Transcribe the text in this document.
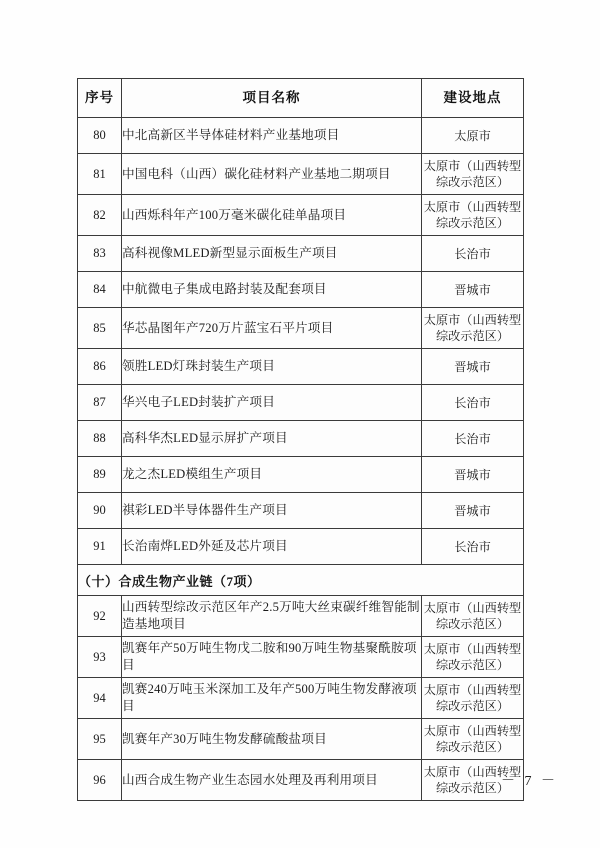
序号	项目名称	建设地点
80	中北高新区半导体硅材料产业基地项目	太原市
81	中国电科（山西）碳化硅材料产业基地二期项目	太原市（山西转型综改示范区）
82	山西烁科年产100万毫米碳化硅单晶项目	太原市（山西转型综改示范区）
83	高科视像MLED新型显示面板生产项目	长治市
84	中航微电子集成电路封装及配套项目	晋城市
85	华芯晶图年产720万片蓝宝石平片项目	太原市（山西转型综改示范区）
86	领胜LED灯珠封装生产项目	晋城市
87	华兴电子LED封装扩产项目	长治市
88	高科华杰LED显示屏扩产项目	长治市
89	龙之杰LED模组生产项目	晋城市
90	祺彩LED半导体器件生产项目	晋城市
91	长治南烨LED外延及芯片项目	长治市
（十）合成生物产业链（7项）		
92	山西转型综改示范区年产2.5万吨大丝束碳纤维智能制造基地项目	太原市（山西转型综改示范区）
93	凯赛年产50万吨生物戊二胺和90万吨生物基聚酰胺项目	太原市（山西转型综改示范区）
94	凯赛240万吨玉米深加工及年产500万吨生物发酵液项目	太原市（山西转型综改示范区）
95	凯赛年产30万吨生物发酵硫酸盐项目	太原市（山西转型综改示范区）
96	山西合成生物产业生态园水处理及再利用项目	太原市（山西转型综改示范区）
－ 7 －
